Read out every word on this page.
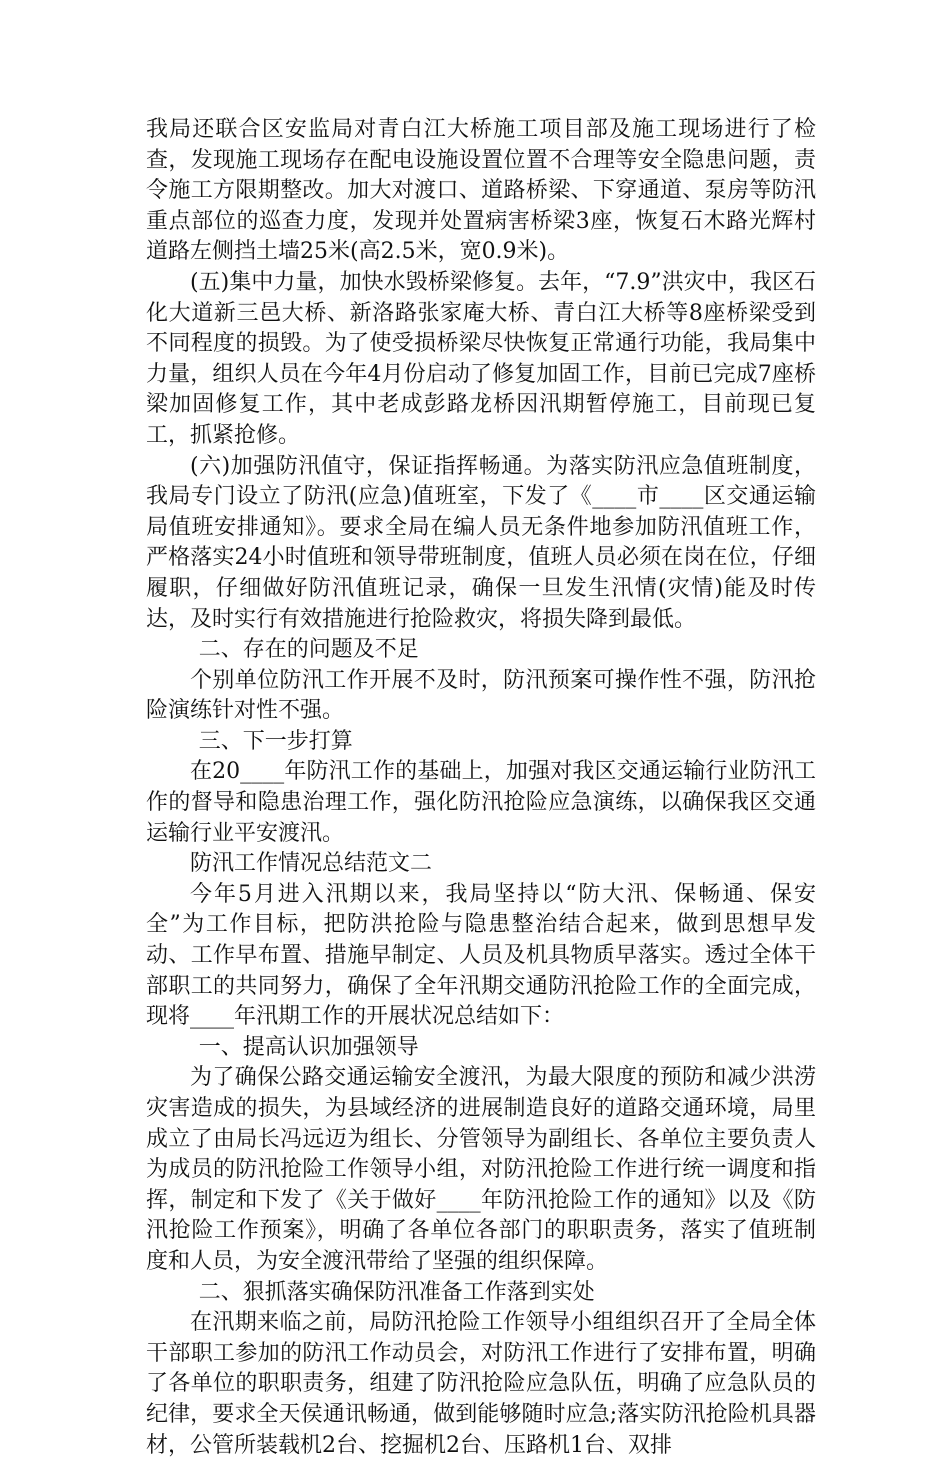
我局还联合区安监局对青白江大桥施工项目部及施工现场进行了检查，发现施工现场存在配电设施设置位置不合理等安全隐患问题，责令施工方限期整改。加大对渡口、道路桥梁、下穿通道、泵房等防汛重点部位的巡查力度，发现并处置病害桥梁3座，恢复石木路光辉村道路左侧挡土墙25米(高2.5米，宽0.9米)。

(五)集中力量，加快水毁桥梁修复。去年，“7.9”洪灾中，我区石化大道新三邑大桥、新洛路张家庵大桥、青白江大桥等8座桥梁受到不同程度的损毁。为了使受损桥梁尽快恢复正常通行功能，我局集中力量，组织人员在今年4月份启动了修复加固工作，目前已完成7座桥梁加固修复工作，其中老成彭路龙桥因汛期暂停施工，目前现已复工，抓紧抢修。

(六)加强防汛值守，保证指挥畅通。为落实防汛应急值班制度，我局专门设立了防汛(应急)值班室，下发了《____市____区交通运输局值班安排通知》。要求全局在编人员无条件地参加防汛值班工作，严格落实24小时值班和领导带班制度，值班人员必须在岗在位，仔细履职，仔细做好防汛值班记录，确保一旦发生汛情(灾情)能及时传达，及时实行有效措施进行抢险救灾，将损失降到最低。

二、存在的问题及不足

个别单位防汛工作开展不及时，防汛预案可操作性不强，防汛抢险演练针对性不强。

三、下一步打算

在20____年防汛工作的基础上，加强对我区交通运输行业防汛工作的督导和隐患治理工作，强化防汛抢险应急演练，以确保我区交通运输行业平安渡汛。

防汛工作情况总结范文二

今年5月进入汛期以来，我局坚持以“防大汛、保畅通、保安全”为工作目标，把防洪抢险与隐患整治结合起来，做到思想早发动、工作早布置、措施早制定、人员及机具物质早落实。透过全体干部职工的共同努力，确保了全年汛期交通防汛抢险工作的全面完成，现将____年汛期工作的开展状况总结如下：

一、提高认识加强领导

为了确保公路交通运输安全渡汛，为最大限度的预防和减少洪涝灾害造成的损失，为县域经济的进展制造良好的道路交通环境，局里成立了由局长冯远迈为组长、分管领导为副组长、各单位主要负责人为成员的防汛抢险工作领导小组，对防汛抢险工作进行统一调度和指挥，制定和下发了《关于做好____年防汛抢险工作的通知》以及《防汛抢险工作预案》，明确了各单位各部门的职职责务，落实了值班制度和人员，为安全渡汛带给了坚强的组织保障。

二、狠抓落实确保防汛准备工作落到实处

在汛期来临之前，局防汛抢险工作领导小组组织召开了全局全体干部职工参加的防汛工作动员会，对防汛工作进行了安排布置，明确了各单位的职职责务，组建了防汛抢险应急队伍，明确了应急队员的纪律，要求全天侯通讯畅通，做到能够随时应急;落实防汛抢险机具器材，公管所装载机2台、挖掘机2台、压路机1台、双排
